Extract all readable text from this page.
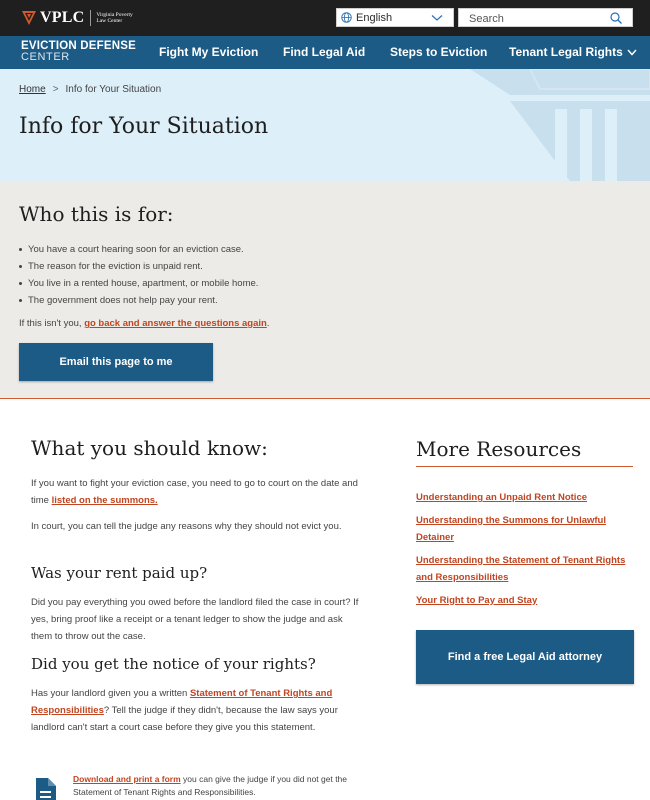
VPLC Virginia Poverty Law Center	English
Search
EVICTION DEFENSE
CENTER	Fight My Eviction Find Legal Aid Steps to Eviction Tenant Legal Rights
Home > Info for Your Situation
Info for Your Situation
Who this is for:
You have a court hearing soon for an eviction case.
The reason for the eviction is unpaid rent.
You live in a rented house, apartment, or mobile home.
The government does not help pay your rent.

If this isn't you, go back and answer the questions again.

Email this page to me
What you should know:

If you want to fight your eviction case, you need to go to court on the date and time listed on the summons.

In court, you can tell the judge any reasons why they should not evict you.

Was your rent paid up?

Did you pay everything you owed before the landlord filed the case in court? If yes, bring proof like a receipt or a tenant ledger to show the judge and ask them to throw out the case.

Did you get the notice of your rights?

Has your landlord given you a written Statement of Tenant Rights and Responsibilities? Tell the judge if they didn't, because the law says your landlord can't start a court case before they give you this statement.

Download and print a form you can give the judge if you did not get the Statement of Tenant Rights and Responsibilities.

More Resources
Understanding an Unpaid Rent Notice
Understanding the Summons for Unlawful Detainer
Understanding the Statement of Tenant Rights and Responsibilities
Your Right to Pay and Stay
Find a free Legal Aid attorney
